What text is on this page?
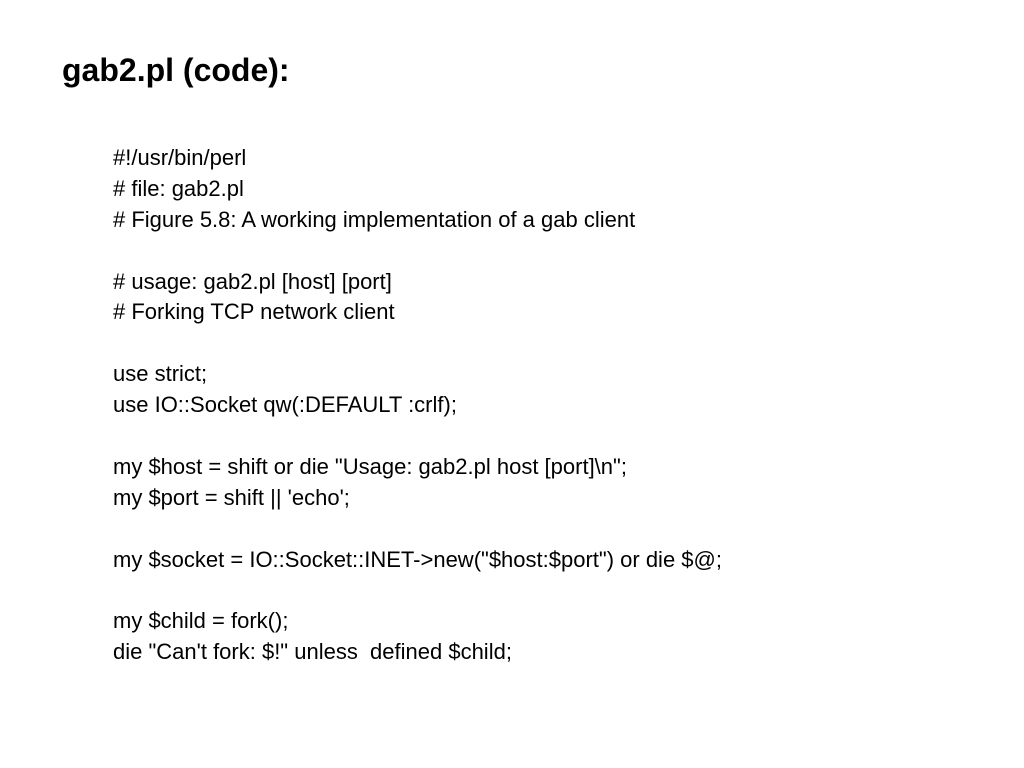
gab2.pl (code):
#!/usr/bin/perl
# file: gab2.pl
# Figure 5.8: A working implementation of a gab client
# usage: gab2.pl [host] [port]
# Forking TCP network client
use strict;
use IO::Socket qw(:DEFAULT :crlf);
my $host = shift or die "Usage: gab2.pl host [port]\n";
my $port = shift || 'echo';
my $socket = IO::Socket::INET->new("$host:$port") or die $@;
my $child = fork();
die "Can't fork: $!" unless  defined $child;
